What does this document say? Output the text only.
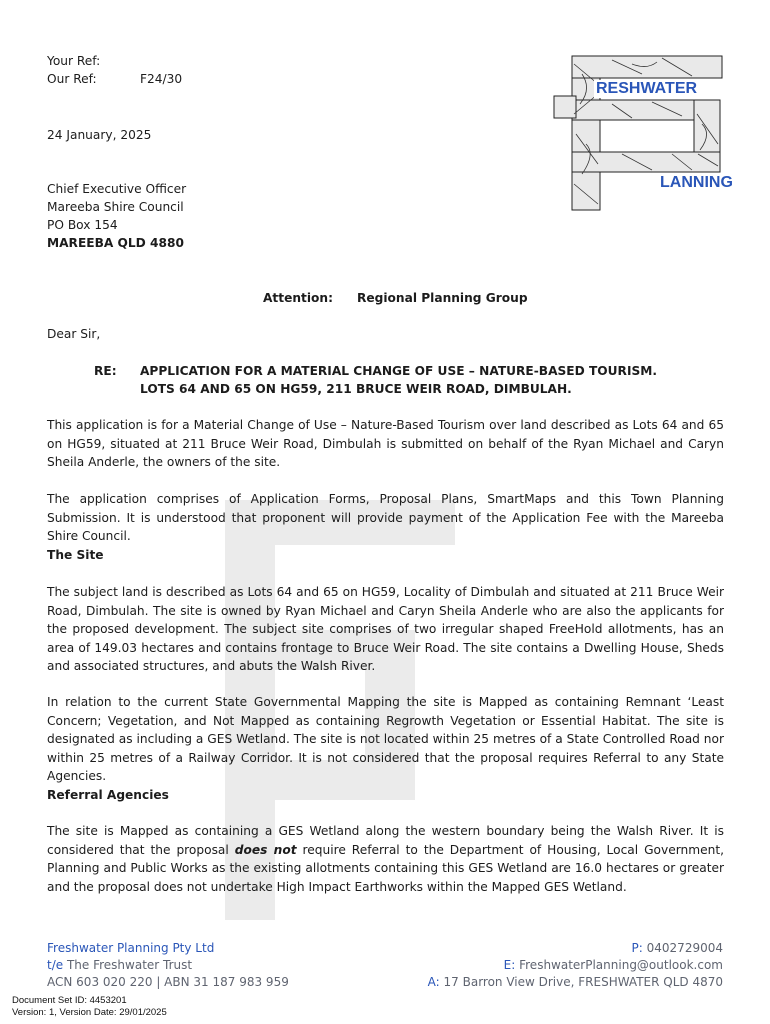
Your Ref:
Our Ref:	F24/30
24 January, 2025
Chief Executive Officer
Mareeba Shire Council
PO Box 154
MAREEBA QLD 4880
RESHWATER
LANNING
Attention: Regional Planning Group
Dear Sir,
RE: APPLICATION FOR A MATERIAL CHANGE OF USE – NATURE-BASED TOURISM.
LOTS 64 AND 65 ON HG59, 211 BRUCE WEIR ROAD, DIMBULAH.
This application is for a Material Change of Use – Nature-Based Tourism over land described as Lots 64 and 65 on HG59, situated at 211 Bruce Weir Road, Dimbulah is submitted on behalf of the Ryan Michael and Caryn Sheila Anderle, the owners of the site.
The application comprises of Application Forms, Proposal Plans, SmartMaps and this Town Planning Submission. It is understood that proponent will provide payment of the Application Fee with the Mareeba Shire Council.
The Site
The subject land is described as Lots 64 and 65 on HG59, Locality of Dimbulah and situated at 211 Bruce Weir Road, Dimbulah. The site is owned by Ryan Michael and Caryn Sheila Anderle who are also the applicants for the proposed development. The subject site comprises of two irregular shaped FreeHold allotments, has an area of 149.03 hectares and contains frontage to Bruce Weir Road. The site contains a Dwelling House, Sheds and associated structures, and abuts the Walsh River.
In relation to the current State Governmental Mapping the site is Mapped as containing Remnant ‘Least Concern; Vegetation, and Not Mapped as containing Regrowth Vegetation or Essential Habitat. The site is designated as including a GES Wetland. The site is not located within 25 metres of a State Controlled Road nor within 25 metres of a Railway Corridor. It is not considered that the proposal requires Referral to any State Agencies.
Referral Agencies
The site is Mapped as containing a GES Wetland along the western boundary being the Walsh River. It is considered that the proposal does not require Referral to the Department of Housing, Local Government, Planning and Public Works as the existing allotments containing this GES Wetland are 16.0 hectares or greater and the proposal does not undertake High Impact Earthworks within the Mapped GES Wetland.
Freshwater Planning Pty Ltd
t/e The Freshwater Trust
ACN 603 020 220 | ABN 31 187 983 959
P: 0402729004
E: FreshwaterPlanning@outlook.com
A: 17 Barron View Drive, FRESHWATER QLD 4870
Document Set ID: 4453201
Version: 1, Version Date: 29/01/2025
